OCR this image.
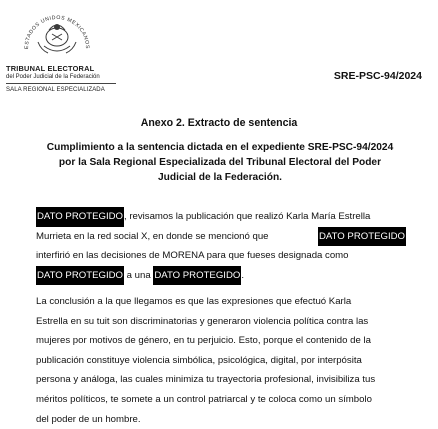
ESTADOS UNIDOS MEXICANOS
TRIBUNAL ELECTORAL
del Poder Judicial de la Federación
SALA REGIONAL ESPECIALIZADA
SRE-PSC-94/2024
Anexo 2. Extracto de sentencia
Cumplimiento a la sentencia dictada en el expediente SRE-PSC-94/2024
por la Sala Regional Especializada del Tribunal Electoral del Poder
Judicial de la Federación.
DATO PROTEGIDO, revisamos la publicación que realizó Karla María Estrella
Murrieta en la red social X, en donde se mencionó que	DATO PROTEGIDO
interfirió en las decisiones de MORENA para que fueses designada como
DATO PROTEGIDO a una DATO PROTEGIDO .
La conclusión a la que llegamos es que las expresiones que efectuó Karla
Estrella en su tuit son discriminatorias y generaron violencia política contra las
mujeres por motivos de género, en tu perjuicio. Esto, porque el contenido de la
publicación constituye violencia simbólica, psicológica, digital, por interpósita
persona y análoga, las cuales minimiza tu trayectoria profesional, invisibiliza tus
méritos políticos, te somete a un control patriarcal y te coloca como un símbolo
del poder de un hombre.
